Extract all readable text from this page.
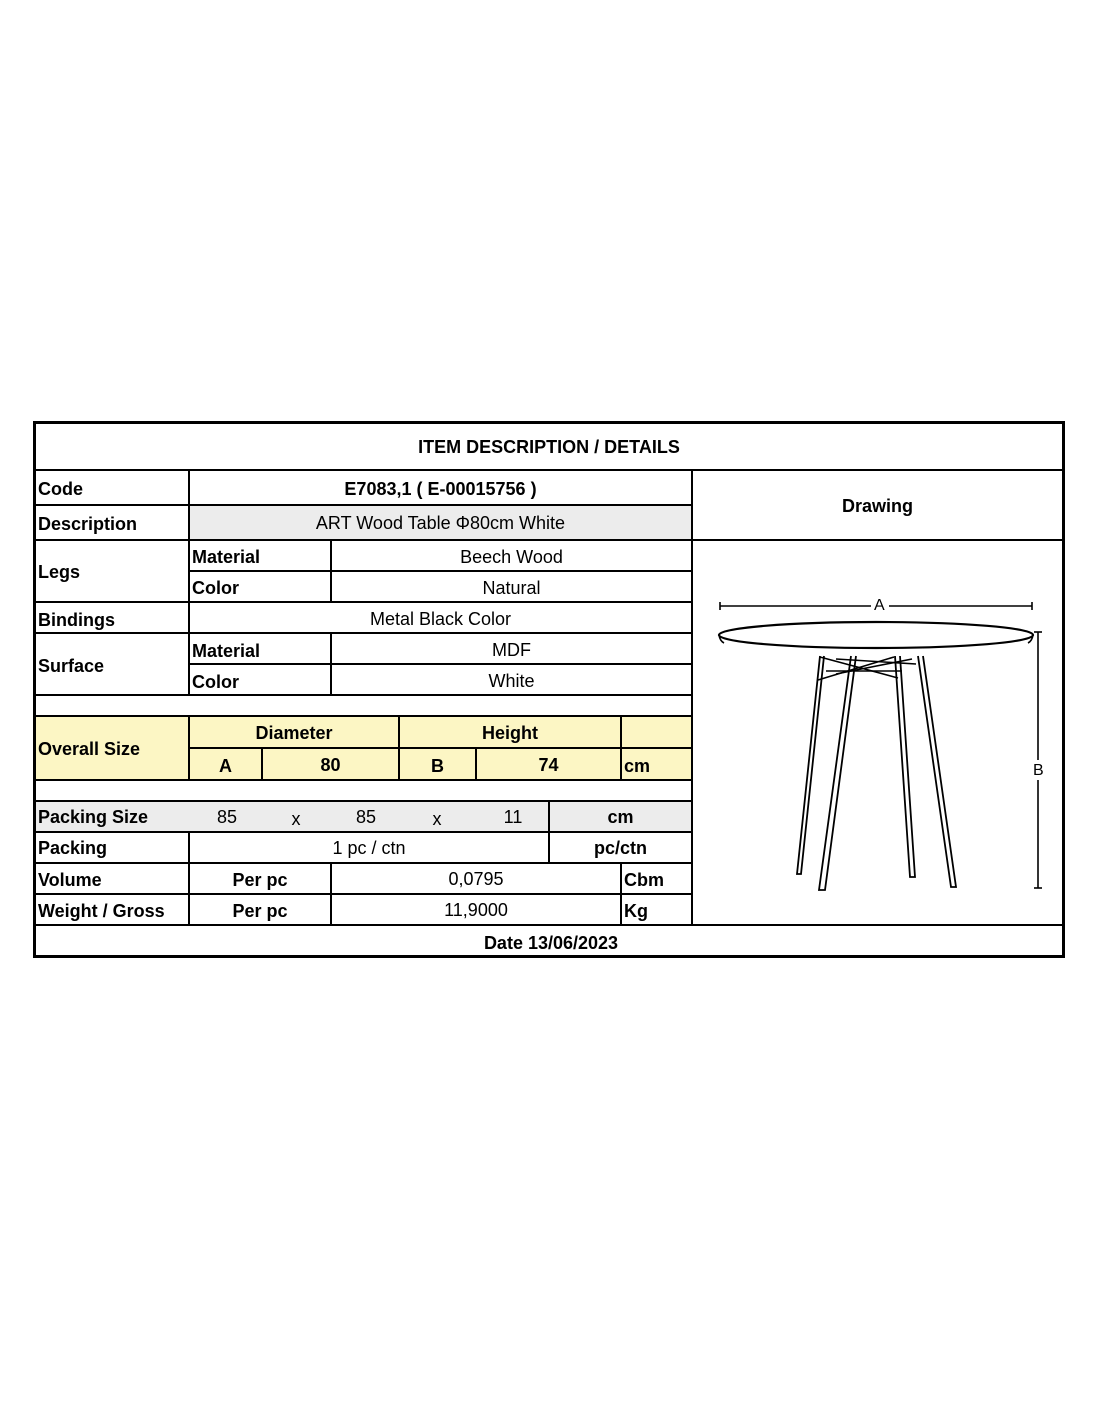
ITEM DESCRIPTION / DETAILS
Code	E7083,1 ( E-00015756 )
Description	ART Wood Table Φ80cm White
Drawing
Legs
Material	Beech Wood
Color	Natural
Bindings	Metal Black Color
Surface
Material	MDF
Color	White
Overall Size
Diameter	Height
A	80	B	74	cm
Packing Size	85	x	85	x	11	cm
Packing	1 pc / ctn	pc/ctn
Volume	Per pc	0,0795	Cbm
Weight / Gross	Per pc	11,9000	Kg
Date 13/06/2023
A
B
